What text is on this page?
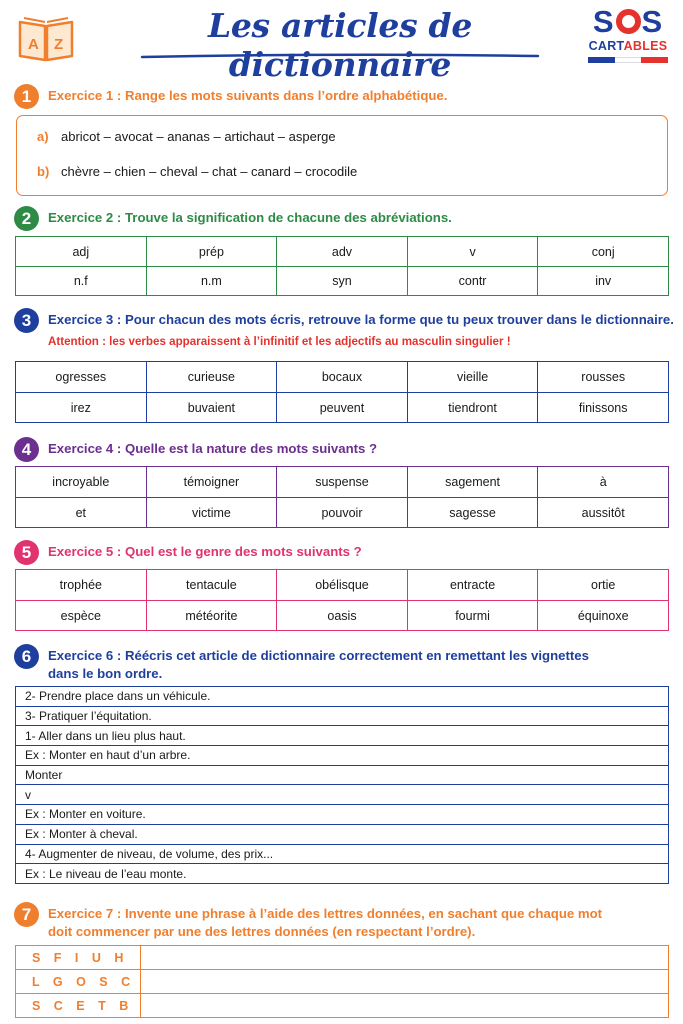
A Z	Les articles de dictionnaire
S S
CARTABLES
1	Exercice 1 : Range les mots suivants dans l’ordre alphabétique.
a) abricot – avocat – ananas – artichaut – asperge
b) chèvre – chien – cheval – chat – canard – crocodile
2	Exercice 2 : Trouve la signification de chacune des abréviations.
adj	prép	adv	v	conj
n.f	n.m	syn	contr	inv
3	Exercice 3 : Pour chacun des mots écris, retrouve la forme que tu peux trouver dans le dictionnaire.
Attention : les verbes apparaissent à l’infinitif et les adjectifs au masculin singulier !
ogresses	curieuse	bocaux	vieille	rousses
irez	buvaient	peuvent	tiendront	finissons
4	Exercice 4 : Quelle est la nature des mots suivants ?
incroyable	témoigner	suspense	sagement	à
et	victime	pouvoir	sagesse	aussitôt
5	Exercice 5 : Quel est le genre des mots suivants ?
trophée	tentacule	obélisque	entracte	ortie
espèce	météorite	oasis	fourmi	équinoxe
6	Exercice 6 : Réécris cet article de dictionnaire correctement en remettant les vignettes dans le bon ordre.
2- Prendre place dans un véhicule.
3- Pratiquer l’équitation.
1- Aller dans un lieu plus haut.
Ex : Monter en haut d’un arbre.
Monter
v
Ex : Monter en voiture.
Ex : Monter à cheval.
4- Augmenter de niveau, de volume, des prix...
Ex : Le niveau de l’eau monte.
7	Exercice 7 : Invente une phrase à l’aide des lettres données, en sachant que chaque mot doit commencer par une des lettres données (en respectant l’ordre).
S F I U H	
L G O S C	
S C E T B	
